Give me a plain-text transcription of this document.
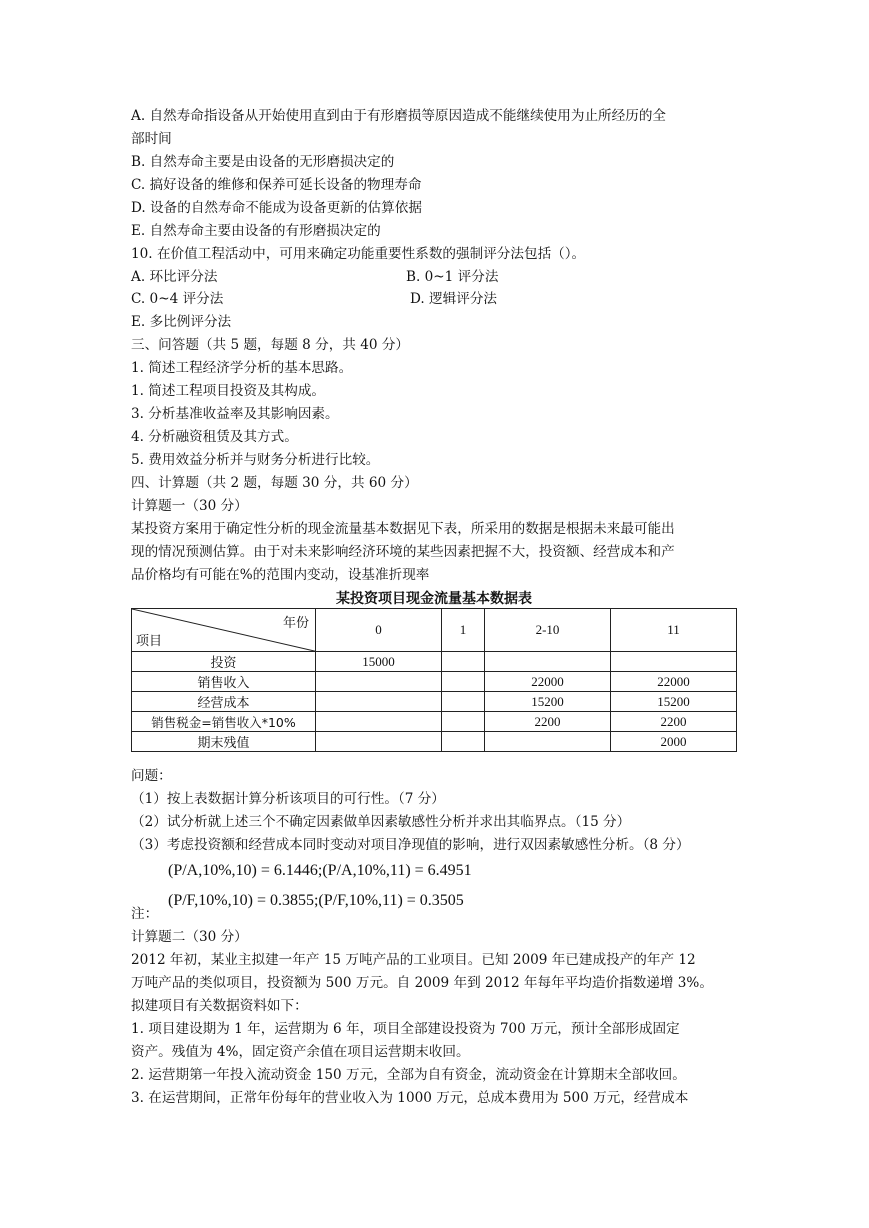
A. 自然寿命指设备从开始使用直到由于有形磨损等原因造成不能继续使用为止所经历的全
部时间
B. 自然寿命主要是由设备的无形磨损决定的
C. 搞好设备的维修和保养可延长设备的物理寿命
D. 设备的自然寿命不能成为设备更新的估算依据
E. 自然寿命主要由设备的有形磨损决定的
10. 在价值工程活动中，可用来确定功能重要性系数的强制评分法包括（）。
A. 环比评分法	B. 0~1 评分法
C. 0~4 评分法	D. 逻辑评分法
E. 多比例评分法
三、问答题（共 5 题，每题 8 分，共 40 分）
1. 简述工程经济学分析的基本思路。
1. 简述工程项目投资及其构成。
3. 分析基准收益率及其影响因素。
4. 分析融资租赁及其方式。
5. 费用效益分析并与财务分析进行比较。
四、计算题（共 2 题，每题 30 分，共 60 分）
计算题一（30 分）
某投资方案用于确定性分析的现金流量基本数据见下表，所采用的数据是根据未来最可能出
现的情况预测估算。由于对未来影响经济环境的某些因素把握不大，投资额、经营成本和产
品价格均有可能在%的范围内变动，设基准折现率
某投资项目现金流量基本数据表
年份
项目	0	1	2-10	11
投资	15000			
销售收入			22000	22000
经营成本			15200	15200
销售税金=销售收入*10%			2200	2200
期末残值				2000
问题：
（1）按上表数据计算分析该项目的可行性。（7 分）
（2）试分析就上述三个不确定因素做单因素敏感性分析并求出其临界点。（15 分）
（3）考虑投资额和经营成本同时变动对项目净现值的影响，进行双因素敏感性分析。（8 分）
(P/A,10%,10) = 6.1446;(P/A,10%,11) = 6.4951
注：
(P/F,10%,10) = 0.3855;(P/F,10%,11) = 0.3505
计算题二（30 分）
2012 年初，某业主拟建一年产 15 万吨产品的工业项目。已知 2009 年已建成投产的年产 12
万吨产品的类似项目，投资额为 500 万元。自 2009 年到 2012 年每年平均造价指数递增 3%。
拟建项目有关数据资料如下：
1. 项目建设期为 1 年，运营期为 6 年，项目全部建设投资为 700 万元，预计全部形成固定
资产。残值为 4%，固定资产余值在项目运营期末收回。
2. 运营期第一年投入流动资金 150 万元，全部为自有资金，流动资金在计算期末全部收回。
3. 在运营期间，正常年份每年的营业收入为 1000 万元，总成本费用为 500 万元，经营成本
